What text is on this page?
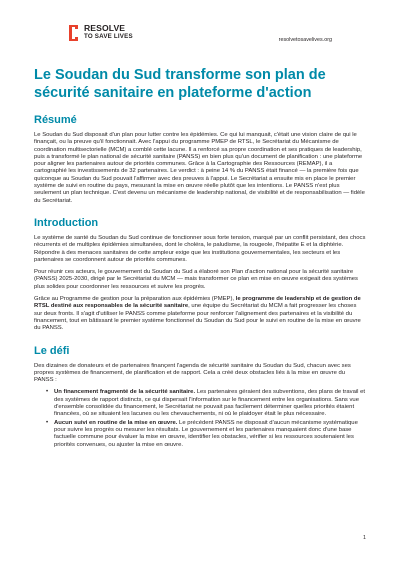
RESOLVE
TO SAVE LIVES
resolvetosavelives.org
Le Soudan du Sud transforme son plan de sécurité sanitaire en plateforme d'action
Résumé

Le Soudan du Sud disposait d'un plan pour lutter contre les épidémies. Ce qui lui manquait, c'était une vision claire de qui le finançait, ou la preuve qu'il fonctionnait. Avec l'appui du programme PMEP de RTSL, le Secrétariat du Mécanisme de coordination multisectorielle (MCM) a comblé cette lacune. Il a renforcé sa propre coordination et ses pratiques de leadership, puis a transformé le plan national de sécurité sanitaire (PANSS) en bien plus qu'un document de planification : une plateforme pour aligner les partenaires autour de priorités communes. Grâce à la Cartographie des Ressources (REMAP), il a cartographié les investissements de 32 partenaires. Le verdict : à peine 14 % du PANSS était financé — la première fois que quiconque au Soudan du Sud pouvait l'affirmer avec des preuves à l'appui. Le Secrétariat a ensuite mis en place le premier système de suivi en routine du pays, mesurant la mise en œuvre réelle plutôt que les intentions. Le PANSS n'est plus seulement un plan technique. C'est devenu un mécanisme de leadership national, de visibilité et de responsabilisation — fidèle du Secrétariat.

Introduction

Le système de santé du Soudan du Sud continue de fonctionner sous forte tension, marqué par un conflit persistant, des chocs récurrents et de multiples épidémies simultanées, dont le choléra, le paludisme, la rougeole, l'hépatite E et la diphtérie. Répondre à des menaces sanitaires de cette ampleur exige que les institutions gouvernementales, les secteurs et les partenaires se coordonnent autour de priorités communes.

Pour réunir ces acteurs, le gouvernement du Soudan du Sud a élaboré son Plan d'action national pour la sécurité sanitaire (PANSS) 2025-2030, dirigé par le Secrétariat du MCM — mais transformer ce plan en mise en œuvre exigeait des systèmes plus solides pour coordonner les ressources et suivre les progrès.

Grâce au Programme de gestion pour la préparation aux épidémies (PMEP), le programme de leadership et de gestion de RTSL destiné aux responsables de la sécurité sanitaire, une équipe du Secrétariat du MCM a fait progresser les choses sur deux fronts. Il s'agit d'utiliser le PANSS comme plateforme pour renforcer l'alignement des partenaires et la visibilité du financement, tout en bâtissant le premier système fonctionnel du Soudan du Sud pour le suivi en routine de la mise en œuvre du PANSS.

Le défi

Des dizaines de donateurs et de partenaires finançent l'agenda de sécurité sanitaire du Soudan du Sud, chacun avec ses propres systèmes de financement, de planification et de rapport. Cela a créé deux obstacles liés à la mise en œuvre du PANSS :

• Un financement fragmenté de la sécurité sanitaire. Les partenaires géraient des subventions, des plans de travail et des systèmes de rapport distincts, ce qui dispersait l'information sur le financement entre les organisations. Sans vue d'ensemble consolidée du financement, le Secrétariat ne pouvait pas facilement déterminer quelles priorités étaient financées, où se situaient les lacunes ou les chevauchements, ni où le plaidoyer était le plus nécessaire.
• Aucun suivi en routine de la mise en œuvre. Le précédent PANSS ne disposait d'aucun mécanisme systématique pour suivre les progrès ou mesurer les résultats. Le gouvernement et les partenaires manquaient donc d'une base factuelle commune pour évaluer la mise en œuvre, identifier les obstacles, vérifier si les ressources soutenaient les priorités convenues, ou ajuster la mise en œuvre.
1
